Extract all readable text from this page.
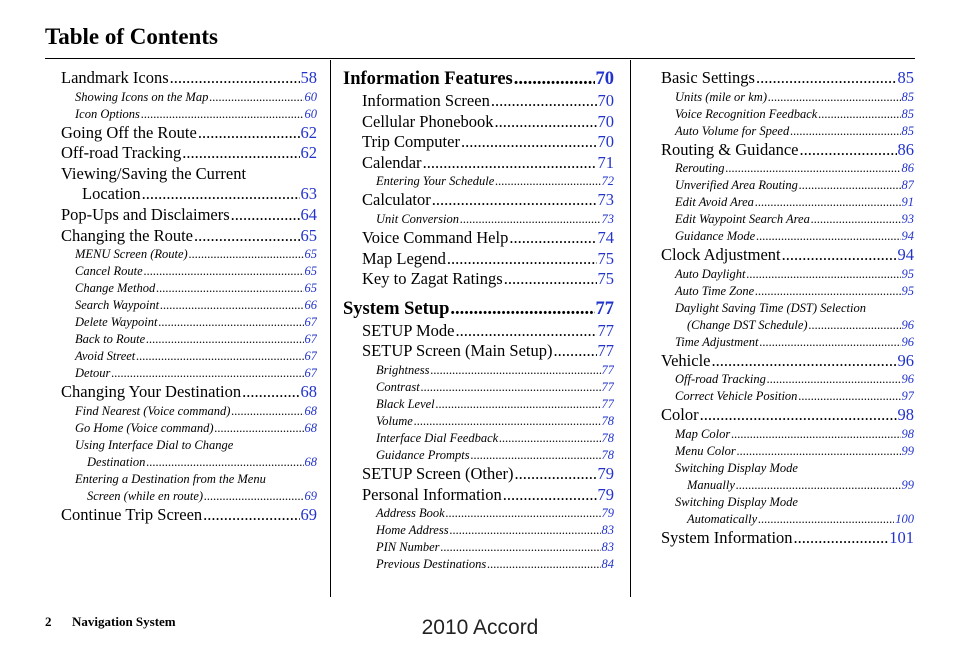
Table of Contents
Landmark Icons .....	58
Showing Icons on the Map .....	60
Icon Options .....	60
Going Off the Route .....	62
Off-road Tracking .....	62
Viewing/Saving the Current
Location .....	63
Pop-Ups and Disclaimers .....	64
Changing the Route .....	65
MENU Screen (Route) .....	65
Cancel Route .....	65
Change Method .....	65
Search Waypoint .....	66
Delete Waypoint .....	67
Back to Route .....	67
Avoid Street .....	67
Detour .....	67
Changing Your Destination .....	68
Find Nearest (Voice command) .....	68
Go Home (Voice command) .....	68
Using Interface Dial to Change
Destination .....	68
Entering a Destination from the Menu
Screen (while en route) .....	69
Continue Trip Screen .....	69
Information Features .....	70
Information Screen .....	70
Cellular Phonebook .....	70
Trip Computer .....	70
Calendar .....	71
Entering Your Schedule .....	72
Calculator .....	73
Unit Conversion .....	73
Voice Command Help .....	74
Map Legend .....	75
Key to Zagat Ratings .....	75
System Setup .....	77
SETUP Mode .....	77
SETUP Screen (Main Setup) .....	77
Brightness .....	77
Contrast .....	77
Black Level .....	77
Volume .....	78
Interface Dial Feedback .....	78
Guidance Prompts .....	78
SETUP Screen (Other) .....	79
Personal Information .....	79
Address Book .....	79
Home Address .....	83
PIN Number .....	83
Previous Destinations .....	84
Basic Settings .....	85
Units (mile or km) .....	85
Voice Recognition Feedback .....	85
Auto Volume for Speed .....	85
Routing & Guidance .....	86
Rerouting .....	86
Unverified Area Routing .....	87
Edit Avoid Area .....	91
Edit Waypoint Search Area .....	93
Guidance Mode .....	94
Clock Adjustment .....	94
Auto Daylight .....	95
Auto Time Zone .....	95
Daylight Saving Time (DST) Selection
(Change DST Schedule) .....	96
Time Adjustment .....	96
Vehicle .....	96
Off-road Tracking .....	96
Correct Vehicle Position .....	97
Color .....	98
Map Color .....	98
Menu Color .....	99
Switching Display Mode
Manually .....	99
Switching Display Mode
Automatically .....	100
System Information .....	101
2 Navigation System	2010 Accord
